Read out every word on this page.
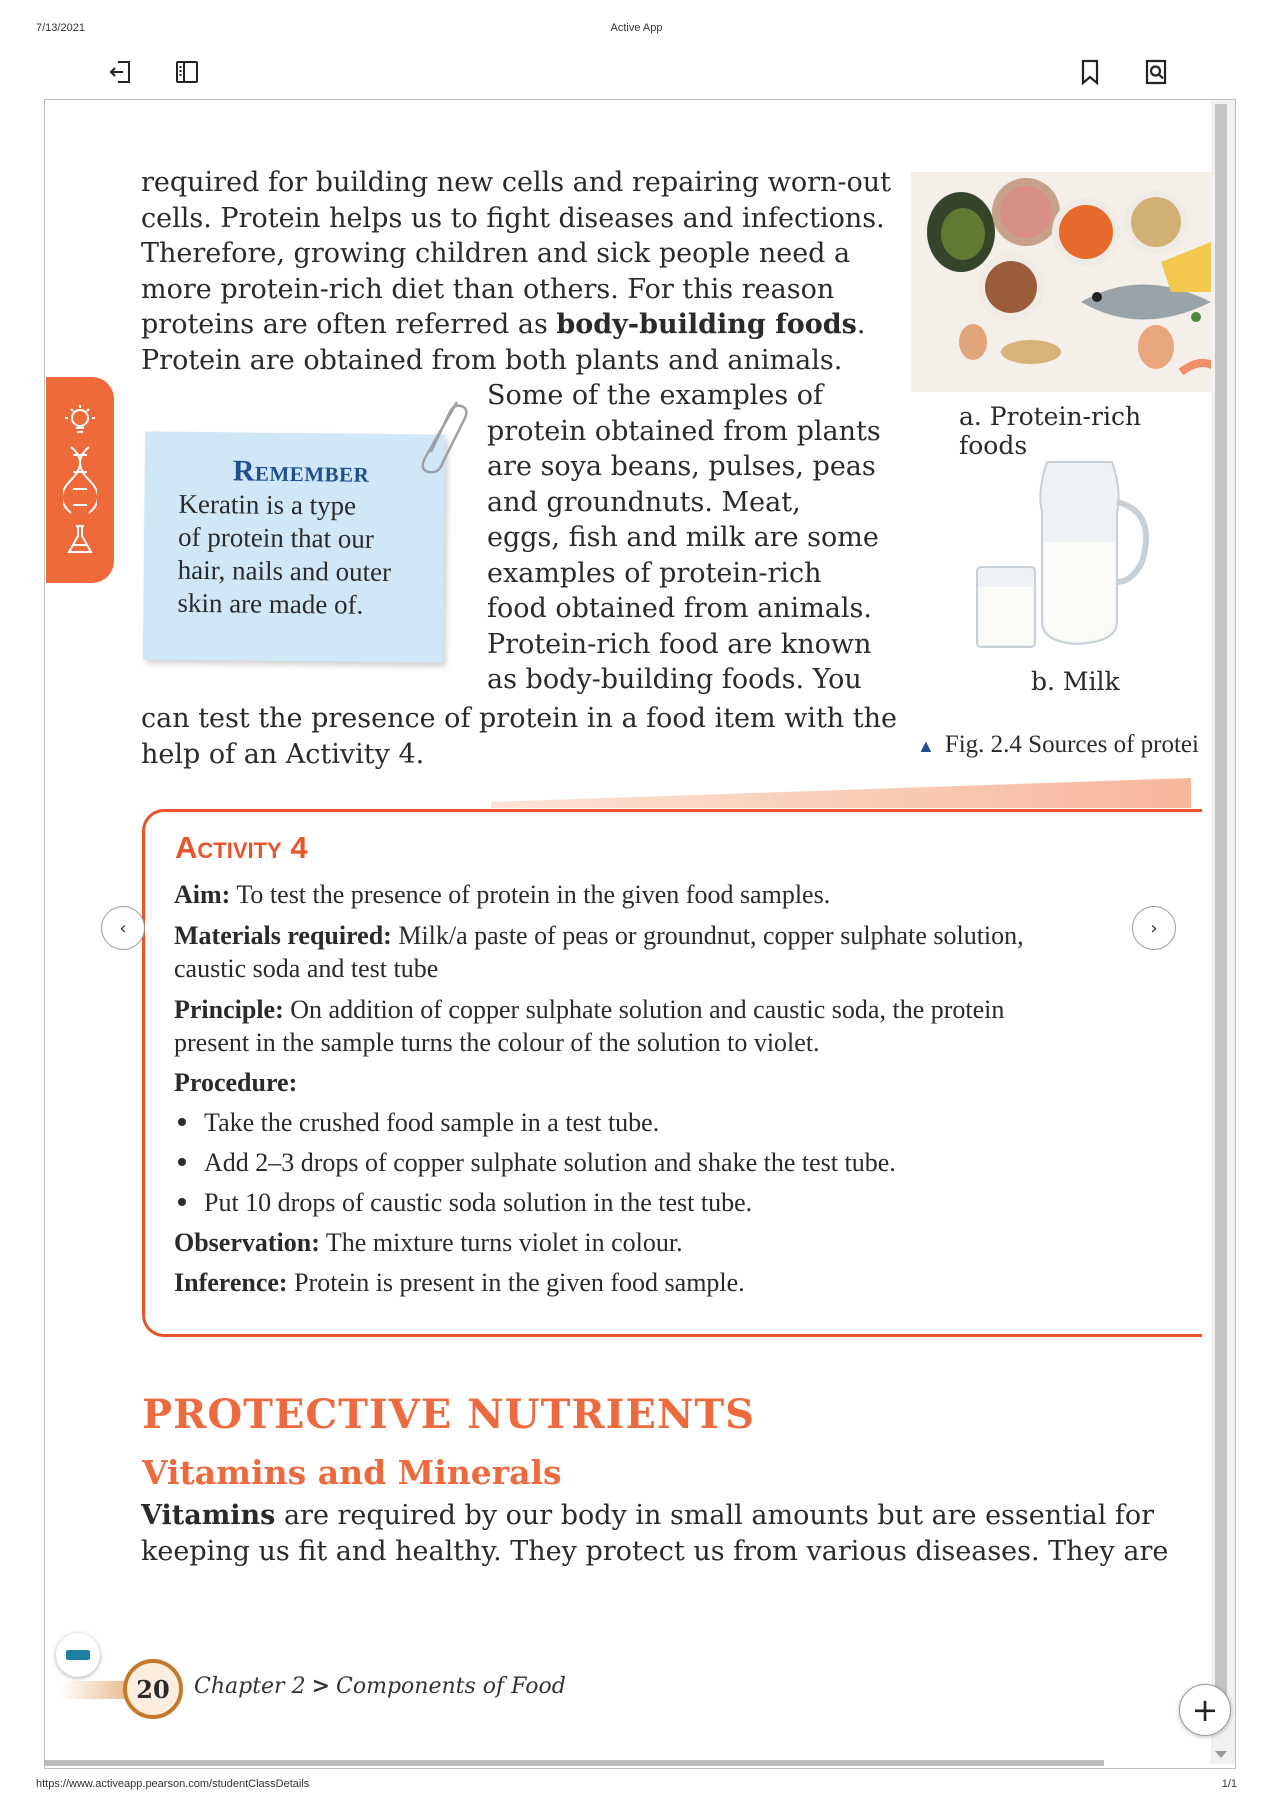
7/13/2021	Active App
https://www.activeapp.pearson.com/studentClassDetails	1/1
required for building new cells and repairing worn-out
cells. Protein helps us to fight diseases and infections.
Therefore, growing children and sick people need a
more protein-rich diet than others. For this reason
proteins are often referred as body-building foods.
Protein are obtained from both plants and animals.
Some of the examples of
protein obtained from plants
are soya beans, pulses, peas
and groundnuts. Meat,
eggs, fish and milk are some
examples of protein-rich
food obtained from animals.
Protein-rich food are known
as body-building foods. You
can test the presence of protein in a food item with the
help of an Activity 4.
a. Protein-rich foods
b. Milk
▲ Fig. 2.4 Sources of protei
Remember
Keratin is a type
of protein that our
hair, nails and outer
skin are made of.
Activity 4
Aim: To test the presence of protein in the given food samples.
Materials required: Milk/a paste of peas or groundnut, copper sulphate solution,
caustic soda and test tube
Principle: On addition of copper sulphate solution and caustic soda, the protein
present in the sample turns the colour of the solution to violet.
Procedure:
Take the crushed food sample in a test tube.
Add 2–3 drops of copper sulphate solution and shake the test tube.
Put 10 drops of caustic soda solution in the test tube.
Observation: The mixture turns violet in colour.
Inference: Protein is present in the given food sample.
PROTECTIVE NUTRIENTS
Vitamins and Minerals
Vitamins are required by our body in small amounts but are essential for
keeping us fit and healthy. They protect us from various diseases. They are
20	Chapter 2 > Components of Food
‹	›
+
